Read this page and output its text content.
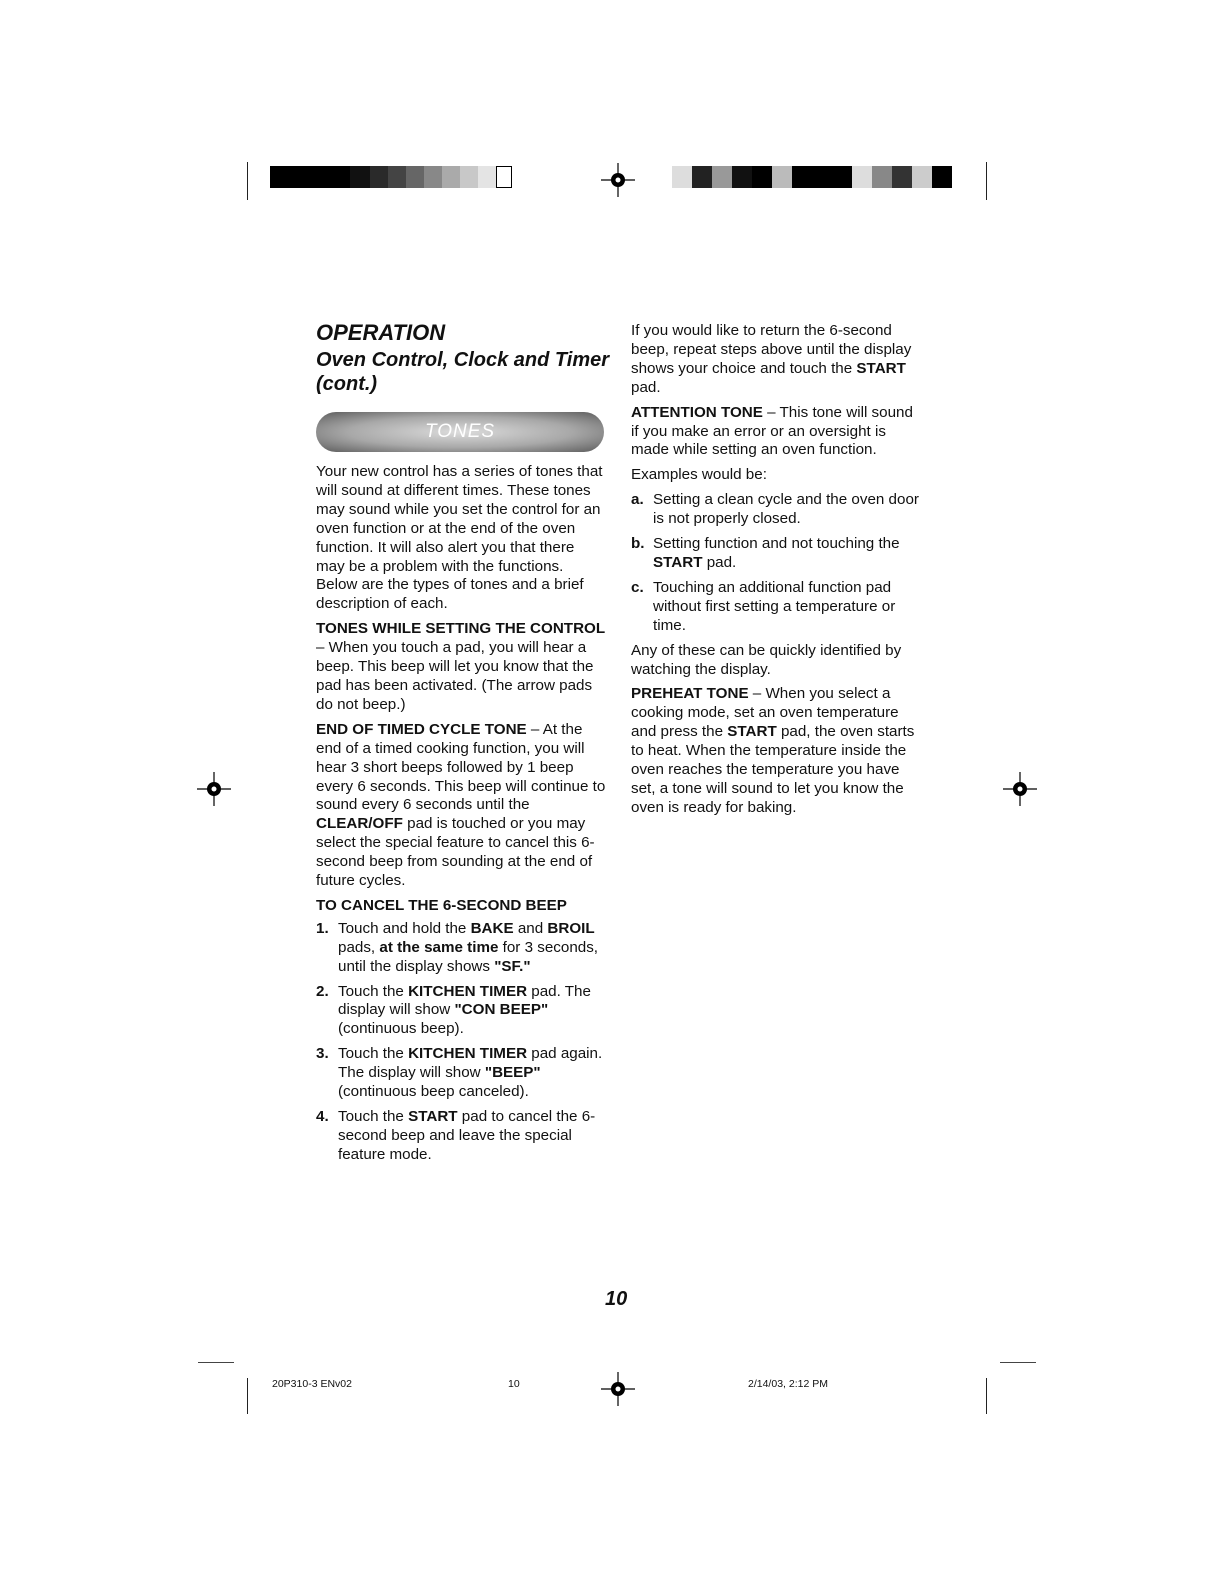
OPERATION
Oven Control, Clock and Timer
(cont.)
TONES

Your new control has a series of tones that will sound at different times. These tones may sound while you set the control for an oven function or at the end of the oven function. It will also alert you that there may be a problem with the functions. Below are the types of tones and a brief description of each.

TONES WHILE SETTING THE CONTROL – When you touch a pad, you will hear a beep. This beep will let you know that the pad has been activated. (The arrow pads do not beep.)

END OF TIMED CYCLE TONE – At the end of a timed cooking function, you will hear 3 short beeps followed by 1 beep every 6 seconds. This beep will continue to sound every 6 seconds until the CLEAR/OFF pad is touched or you may select the special feature to cancel this 6-second beep from sounding at the end of future cycles.

TO CANCEL THE 6-SECOND BEEP

1. Touch and hold the BAKE and BROIL pads, at the same time for 3 seconds, until the display shows "SF."
2. Touch the KITCHEN TIMER pad. The display will show "CON BEEP" (continuous beep).
3. Touch the KITCHEN TIMER pad again. The display will show "BEEP" (continuous beep canceled).
4. Touch the START pad to cancel the 6-second beep and leave the special feature mode.

If you would like to return the 6-second beep, repeat steps above until the display shows your choice and touch the START pad.

ATTENTION TONE – This tone will sound if you make an error or an oversight is made while setting an oven function.

Examples would be:

a. Setting a clean cycle and the oven door is not properly closed.
b. Setting function and not touching the START pad.
c. Touching an additional function pad without first setting a temperature or time.

Any of these can be quickly identified by watching the display.

PREHEAT TONE – When you select a cooking mode, set an oven temperature and press the START pad, the oven starts to heat. When the temperature inside the oven reaches the temperature you have set, a tone will sound to let you know the oven is ready for baking.

10
20P310-3 ENv02	10	2/14/03, 2:12 PM
